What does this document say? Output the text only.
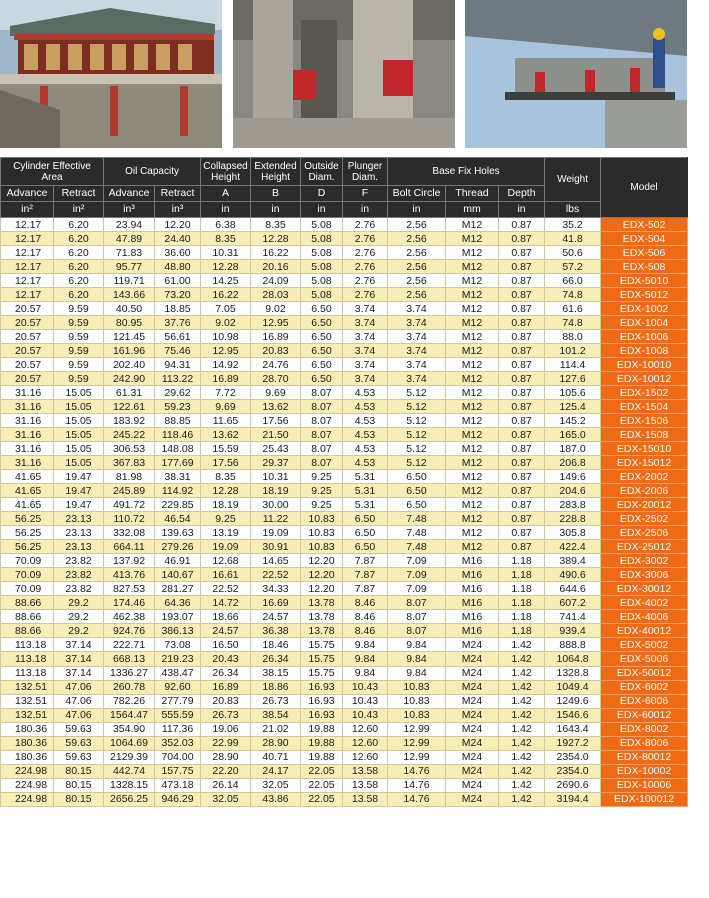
Cylinder Effective Area		Oil Capacity		Collapsed Height	Extended Height	Outside Diam.	Plunger Diam.	Base Fix Holes			Weight	Model
Advance	Retract	Advance	Retract	A	B	D	F	Bolt Circle	Thread	Depth		
in²	in²	in³	in³	in	in	in	in	in	mm	in	lbs	
12.17	6.20	23.94	12.20	6.38	8.35	5.08	2.76	2.56	M12	0.87	35.2	EDX-502
12.17	6.20	47.89	24.40	8.35	12.28	5.08	2.76	2.56	M12	0.87	41.8	EDX-504
12.17	6.20	71.83	36.60	10.31	16.22	5.08	2.76	2.56	M12	0.87	50.6	EDX-506
12.17	6.20	95.77	48.80	12.28	20.16	5.08	2.76	2.56	M12	0.87	57.2	EDX-508
12.17	6.20	119.71	61.00	14.25	24.09	5.08	2.76	2.56	M12	0.87	66.0	EDX-5010
12.17	6.20	143.66	73.20	16.22	28.03	5.08	2.76	2.56	M12	0.87	74.8	EDX-5012
20.57	9.59	40.50	18.85	7.05	9.02	6.50	3.74	3.74	M12	0.87	61.6	EDX-1002
20.57	9.59	80.95	37.76	9.02	12.95	6.50	3.74	3.74	M12	0.87	74.8	EDX-1004
20.57	9.59	121.45	56.61	10.98	16.89	6.50	3.74	3.74	M12	0.87	88.0	EDX-1006
20.57	9.59	161.96	75.46	12.95	20.83	6.50	3.74	3.74	M12	0.87	101.2	EDX-1008
20.57	9.59	202.40	94.31	14.92	24.76	6.50	3.74	3.74	M12	0.87	114.4	EDX-10010
20.57	9.59	242.90	113.22	16.89	28.70	6.50	3.74	3.74	M12	0.87	127.6	EDX-10012
31.16	15.05	61.31	29.62	7.72	9.69	8.07	4.53	5.12	M12	0.87	105.6	EDX-1502
31.16	15.05	122.61	59.23	9.69	13.62	8.07	4.53	5.12	M12	0.87	125.4	EDX-1504
31.16	15.05	183.92	88.85	11.65	17.56	8.07	4.53	5.12	M12	0.87	145.2	EDX-1506
31.16	15.05	245.22	118.46	13.62	21.50	8.07	4.53	5.12	M12	0.87	165.0	EDX-1508
31.16	15.05	306.53	148.08	15.59	25.43	8.07	4.53	5.12	M12	0.87	187.0	EDX-15010
31.16	15.05	367.83	177.69	17.56	29.37	8.07	4.53	5.12	M12	0.87	206.8	EDX-15012
41.65	19.47	81.98	38.31	8.35	10.31	9.25	5.31	6.50	M12	0.87	149.6	EDX-2002
41.65	19.47	245.89	114.92	12.28	18.19	9.25	5.31	6.50	M12	0.87	204.6	EDX-2006
41.65	19.47	491.72	229.85	18.19	30.00	9.25	5.31	6.50	M12	0.87	283.8	EDX-20012
56.25	23.13	110.72	46.54	9.25	11.22	10.83	6.50	7.48	M12	0.87	228.8	EDX-2502
56.25	23.13	332.08	139.63	13.19	19.09	10.83	6.50	7.48	M12	0.87	305.8	EDX-2506
56.25	23.13	664.11	279.26	19.09	30.91	10.83	6.50	7.48	M12	0.87	422.4	EDX-25012
70.09	23.82	137.92	46.91	12.68	14.65	12.20	7.87	7.09	M16	1.18	389.4	EDX-3002
70.09	23.82	413.76	140.67	16.61	22.52	12.20	7.87	7.09	M16	1.18	490.6	EDX-3006
70.09	23.82	827.53	281.27	22.52	34.33	12.20	7.87	7.09	M16	1.18	644.6	EDX-30012
88.66	29.2	174.46	64.36	14.72	16.69	13.78	8.46	8.07	M16	1.18	607.2	EDX-4002
88.66	29.2	462.38	193.07	18.66	24.57	13.78	8.46	8.07	M16	1.18	741.4	EDX-4006
88.66	29.2	924.76	386.13	24.57	36.38	13.78	8.46	8.07	M16	1.18	939.4	EDX-40012
113.18	37.14	222.71	73.08	16.50	18.46	15.75	9.84	9.84	M24	1.42	888.8	EDX-5002
113.18	37.14	668.13	219.23	20.43	26.34	15.75	9.84	9.84	M24	1.42	1064.8	EDX-5006
113.18	37.14	1336.27	438.47	26.34	38.15	15.75	9.84	9.84	M24	1.42	1328.8	EDX-50012
132.51	47.06	260.78	92.60	16.89	18.86	16.93	10.43	10.83	M24	1.42	1049.4	EDX-6002
132.51	47.06	782.26	277.79	20.83	26.73	16.93	10.43	10.83	M24	1.42	1249.6	EDX-6006
132.51	47.06	1564.47	555.59	26.73	38.54	16.93	10.43	10.83	M24	1.42	1546.6	EDX-60012
180.36	59.63	354.90	117.36	19.06	21.02	19.88	12.60	12.99	M24	1.42	1643.4	EDX-8002
180.36	59.63	1064.69	352.03	22.99	28.90	19.88	12.60	12.99	M24	1.42	1927.2	EDX-8006
180.36	59.63	2129.39	704.00	28.90	40.71	19.88	12.60	12.99	M24	1.42	2354.0	EDX-80012
224.98	80.15	442.74	157.75	22.20	24.17	22.05	13.58	14.76	M24	1.42	2354.0	EDX-10002
224.98	80.15	1328.15	473.18	26.14	32.05	22.05	13.58	14.76	M24	1.42	2690.6	EDX-10006
224.98	80.15	2656.25	946.29	32.05	43.86	22.05	13.58	14.76	M24	1.42	3194.4	EDX-100012
